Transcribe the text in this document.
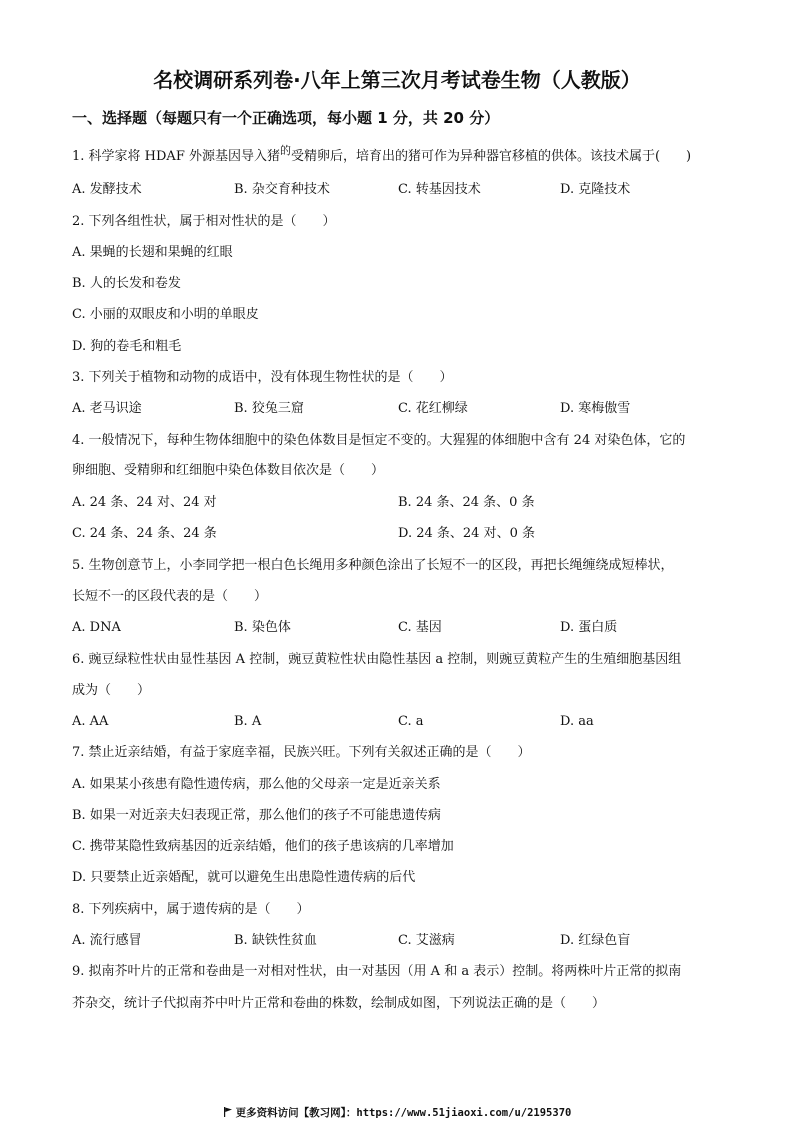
名校调研系列卷·八年上第三次月考试卷生物（人教版）
一、选择题（每题只有一个正确选项，每小题 1 分，共 20 分）
1. 科学家将 HDAF 外源基因导入猪$^的$受精卵后，培育出的猪可作为异种器官移植的供体。该技术属于(　　)
A. 发酵技术	B. 杂交育种技术	C. 转基因技术	D. 克隆技术
2. 下列各组性状，属于相对性状的是（　　）
A. 果蝇的长翅和果蝇的红眼
B. 人的长发和卷发
C. 小丽的双眼皮和小明的单眼皮
D. 狗的卷毛和粗毛
3. 下列关于植物和动物的成语中，没有体现生物性状的是（　　）
A. 老马识途	B. 狡兔三窟	C. 花红柳绿	D. 寒梅傲雪
4. 一般情况下，每种生物体细胞中的染色体数目是恒定不变的。大猩猩的体细胞中含有 24 对染色体，它的
卵细胞、受精卵和红细胞中染色体数目依次是（　　）
A. 24 条、24 对、24 对	B. 24 条、24 条、0 条
C. 24 条、24 条、24 条	D. 24 条、24 对、0 条
5. 生物创意节上，小李同学把一根白色长绳用多种颜色涂出了长短不一的区段，再把长绳缠绕成短棒状，
长短不一的区段代表的是（　　）
A. DNA	B. 染色体	C. 基因	D. 蛋白质
6. 豌豆绿粒性状由显性基因 A 控制，豌豆黄粒性状由隐性基因 a 控制，则豌豆黄粒产生的生殖细胞基因组
成为（　　）
A. AA	B. A	C. a	D. aa
7. 禁止近亲结婚，有益于家庭幸福，民族兴旺。下列有关叙述正确的是（　　）
A. 如果某小孩患有隐性遗传病，那么他的父母亲一定是近亲关系
B. 如果一对近亲夫妇表现正常，那么他们的孩子不可能患遗传病
C. 携带某隐性致病基因的近亲结婚，他们的孩子患该病的几率增加
D. 只要禁止近亲婚配，就可以避免生出患隐性遗传病的后代
8. 下列疾病中，属于遗传病的是（　　）
A. 流行感冒	B. 缺铁性贫血	C. 艾滋病	D. 红绿色盲
9. 拟南芥叶片的正常和卷曲是一对相对性状，由一对基因（用 A 和 a 表示）控制。将两株叶片正常的拟南
芥杂交，统计子代拟南芥中叶片正常和卷曲的株数，绘制成如图，下列说法正确的是（　　）
更多资料访问【教习网】：https://www.51jiaoxi.com/u/2195370
